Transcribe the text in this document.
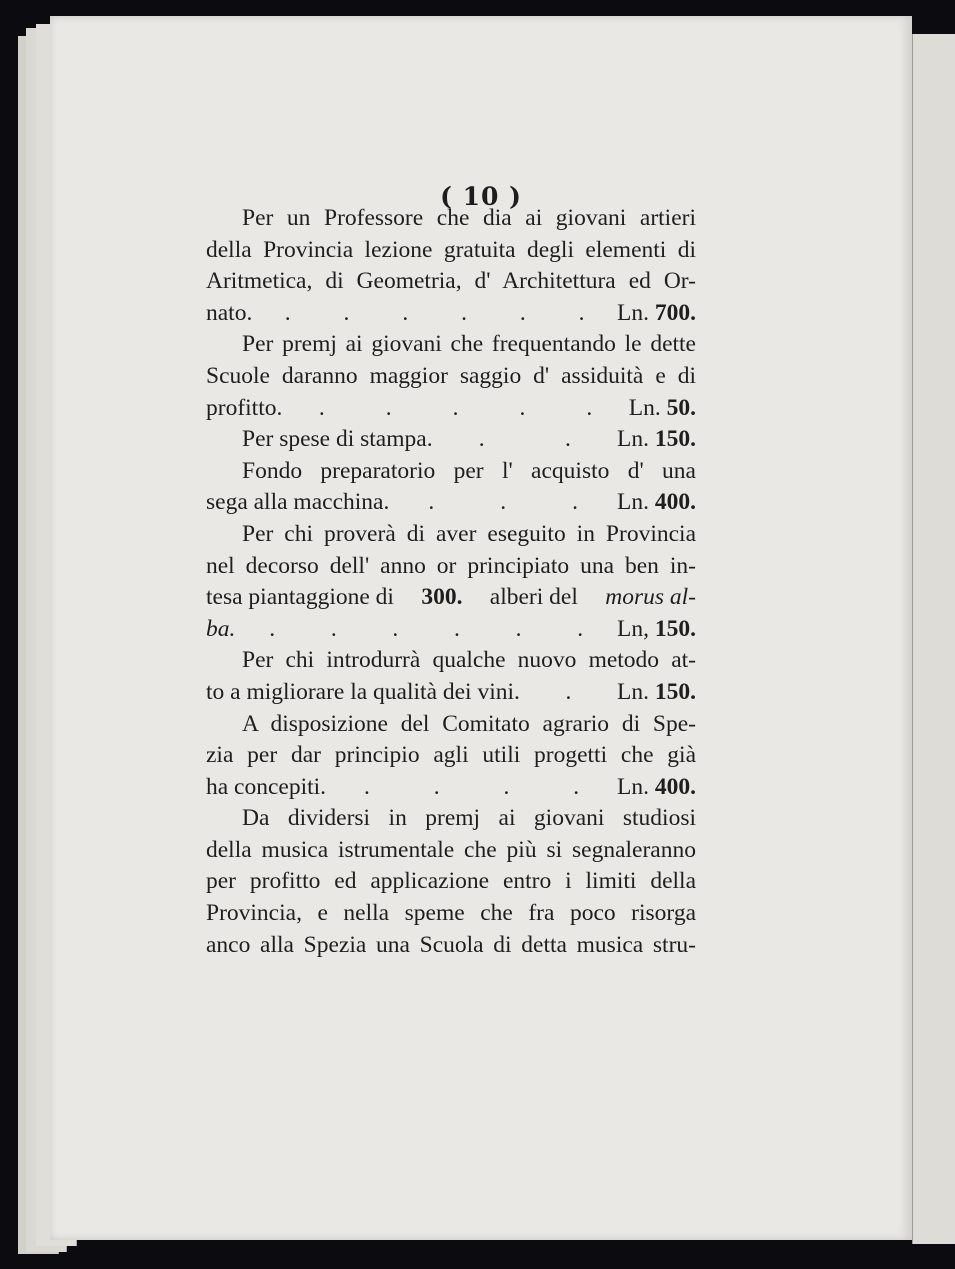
( 10 )
Per un Professore che dia ai giovani artieri
della Provincia lezione gratuita degli elementi di
Aritmetica, di Geometria, d' Architettura ed Or-
nato. . . . . . . Ln. 700.
Per premj ai giovani che frequentando le dette
Scuole daranno maggior saggio d' assiduità e di
profitto. .	.	.	.	. Ln. 50.
Per spese di stampa. .	. Ln. 150.
Fondo preparatorio per l' acquisto d' una
sega alla macchina. .	.	. Ln. 400.
Per chi proverà di aver eseguito in Provincia
nel decorso dell' anno or principiato una ben in-
tesa piantaggione di 300. alberi del morus al-
ba. . . . . . . Ln, 150.
Per chi introdurrà qualche nuovo metodo at-
to a migliorare la qualità dei vini. . Ln. 150.
A disposizione del Comitato agrario di Spe-
zia per dar principio agli utili progetti che già
ha concepiti. .	.	.	. Ln. 400.
Da dividersi in premj ai giovani studiosi
della musica istrumentale che più si segnaleranno
per profitto ed applicazione entro i limiti della
Provincia, e nella speme che fra poco risorga
anco alla Spezia una Scuola di detta musica stru-
